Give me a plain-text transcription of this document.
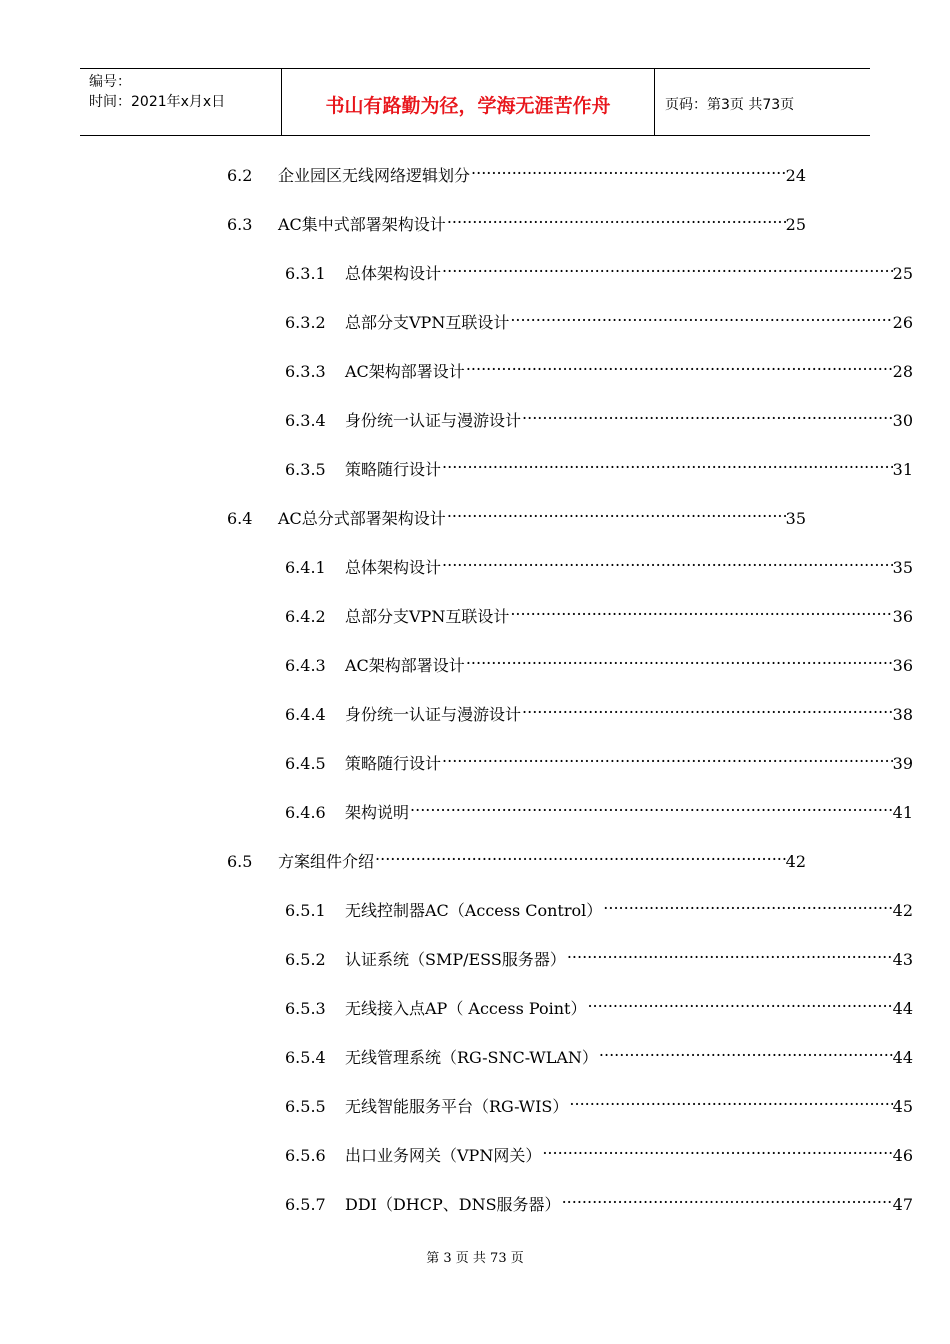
编号：
时间：2021年x月x日	书山有路勤为径，学海无涯苦作舟	页码：第3页 共73页
6.2	企业园区无线网络逻辑划分 .....	24
6.3	AC集中式部署架构设计 .....	25
6.3.1	总体架构设计 .....	25
6.3.2	总部分支VPN互联设计 .....	26
6.3.3	AC架构部署设计 .....	28
6.3.4	身份统一认证与漫游设计 .....	30
6.3.5	策略随行设计 .....	31
6.4	AC总分式部署架构设计 .....	35
6.4.1	总体架构设计 .....	35
6.4.2	总部分支VPN互联设计 .....	36
6.4.3	AC架构部署设计 .....	36
6.4.4	身份统一认证与漫游设计 .....	38
6.4.5	策略随行设计 .....	39
6.4.6	架构说明 .....	41
6.5	方案组件介绍 .....	42
6.5.1	无线控制器AC（Access Control） .....	42
6.5.2	认证系统（SMP/ESS服务器） .....	43
6.5.3	无线接入点AP（ Access Point） .....	44
6.5.4	无线管理系统（RG-SNC-WLAN） .....	44
6.5.5	无线智能服务平台（RG-WIS） .....	45
6.5.6	出口业务网关（VPN网关） .....	46
6.5.7	DDI（DHCP、DNS服务器） .....	47
第 3 页 共 73 页
